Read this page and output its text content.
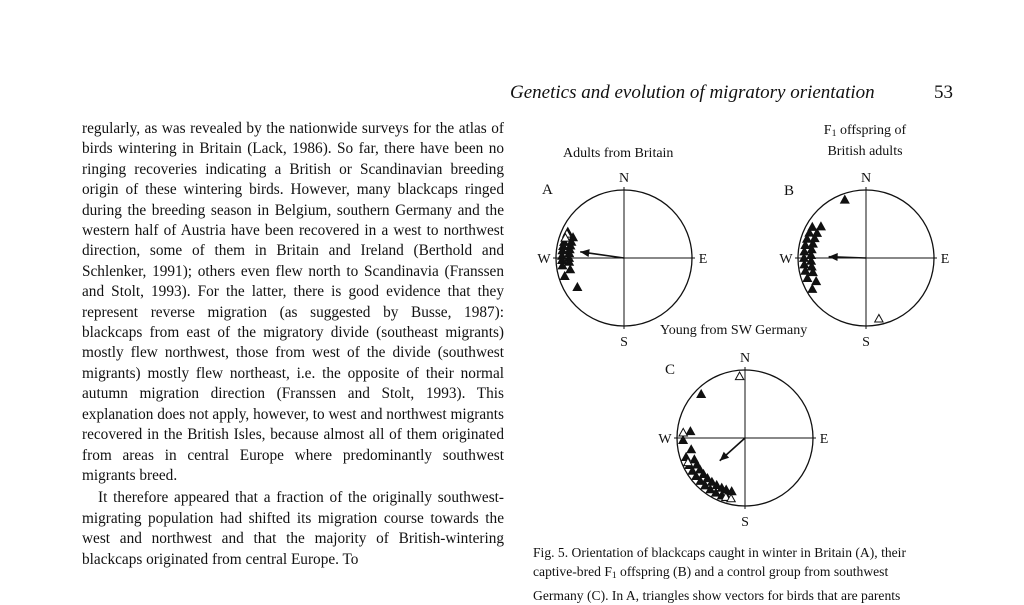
Genetics and evolution of migratory orientation	53

regularly, as was revealed by the nationwide surveys for the atlas of birds wintering in Britain (Lack, 1986). So far, there have been no ringing recoveries indicating a British or Scandinavian breeding origin of these wintering birds. However, many blackcaps ringed during the breeding season in Belgium, southern Germany and the western half of Austria have been recovered in a west to northwest direction, some of them in Britain and Ireland (Berthold and Schlenker, 1991); others even flew north to Scandinavia (Franssen and Stolt, 1993). For the latter, there is good evidence that they represent reverse migration (as suggested by Busse, 1987): blackcaps from east of the migratory divide (southeast migrants) mostly flew northwest, those from west of the divide (southwest migrants) mostly flew northeast, i.e. the opposite of their normal autumn migration direction (Franssen and Stolt, 1993). This explanation does not apply, however, to west and northwest migrants recovered in the British Isles, because almost all of them originated from areas in central Europe where predominantly southwest migrants breed.

It therefore appeared that a fraction of the originally southwest-migrating population had shifted its migration course towards the west and northwest and that the majority of British-wintering blackcaps originated from central Europe. To

N
E
S
W
N
E
S
W
N
E
S
W
Adults from Britain
A
$F_1$ offspring of
British adults
B
Young from SW Germany
C
Fig. 5. Orientation of blackcaps caught in winter in Britain (A), their
captive-bred $F_1$ offspring (B) and a control group from southwest
Germany (C). In A, triangles show vectors for birds that are parents
